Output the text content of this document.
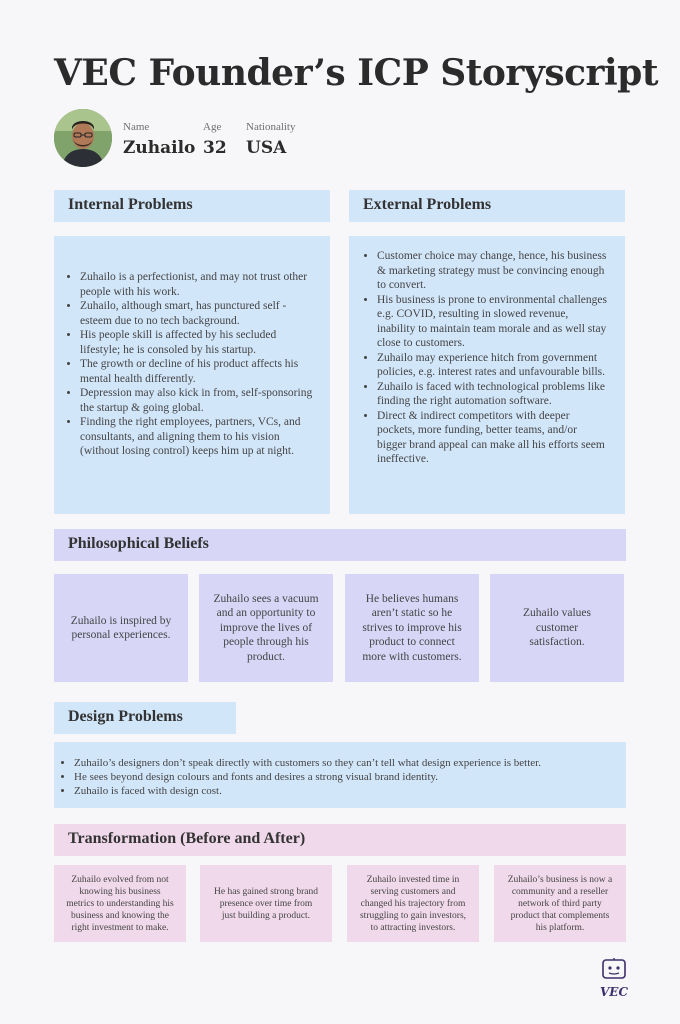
VEC Founder’s ICP Storyscript
Name
Zuhailo
Age
32
Nationality
USA
Internal Problems
• Zuhailo is a perfectionist, and may not trust other people with his work.
• Zuhailo, although smart, has punctured self -esteem due to no tech background.
• His people skill is affected by his secluded lifestyle; he is consoled by his startup.
• The growth or decline of his product affects his mental health differently.
• Depression may also kick in from, self-sponsoring the startup & going global.
• Finding the right employees, partners, VCs, and consultants, and aligning them to his vision (without losing control) keeps him up at night.
External Problems
• Customer choice may change, hence, his business & marketing strategy must be convincing enough to convert.
• His business is prone to environmental challenges e.g. COVID, resulting in slowed revenue, inability to maintain team morale and as well stay close to customers.
• Zuhailo may experience hitch from government policies, e.g. interest rates and unfavourable bills.
• Zuhailo is faced with technological problems like finding the right automation software.
• Direct & indirect competitors with deeper pockets, more funding, better teams, and/or bigger brand appeal can make all his efforts seem ineffective.
Philosophical Beliefs
Zuhailo is inspired by personal experiences.
Zuhailo sees a vacuum and an opportunity to improve the lives of people through his product.
He believes humans aren’t static so he strives to improve his product to connect more with customers.
Zuhailo values customer satisfaction.
Design Problems
• Zuhailo’s designers don’t speak directly with customers so they can’t tell what design experience is better.
• He sees beyond design colours and fonts and desires a strong visual brand identity.
• Zuhailo is faced with design cost.
Transformation (Before and After)
Zuhailo evolved from not knowing his business metrics to understanding his business and knowing the right investment to make.
He has gained strong brand presence over time from just building a product.
Zuhailo invested time in serving customers and changed his trajectory from struggling to gain investors, to attracting investors.
Zuhailo’s business is now a community and a reseller network of third party product that complements his platform.
VEC
